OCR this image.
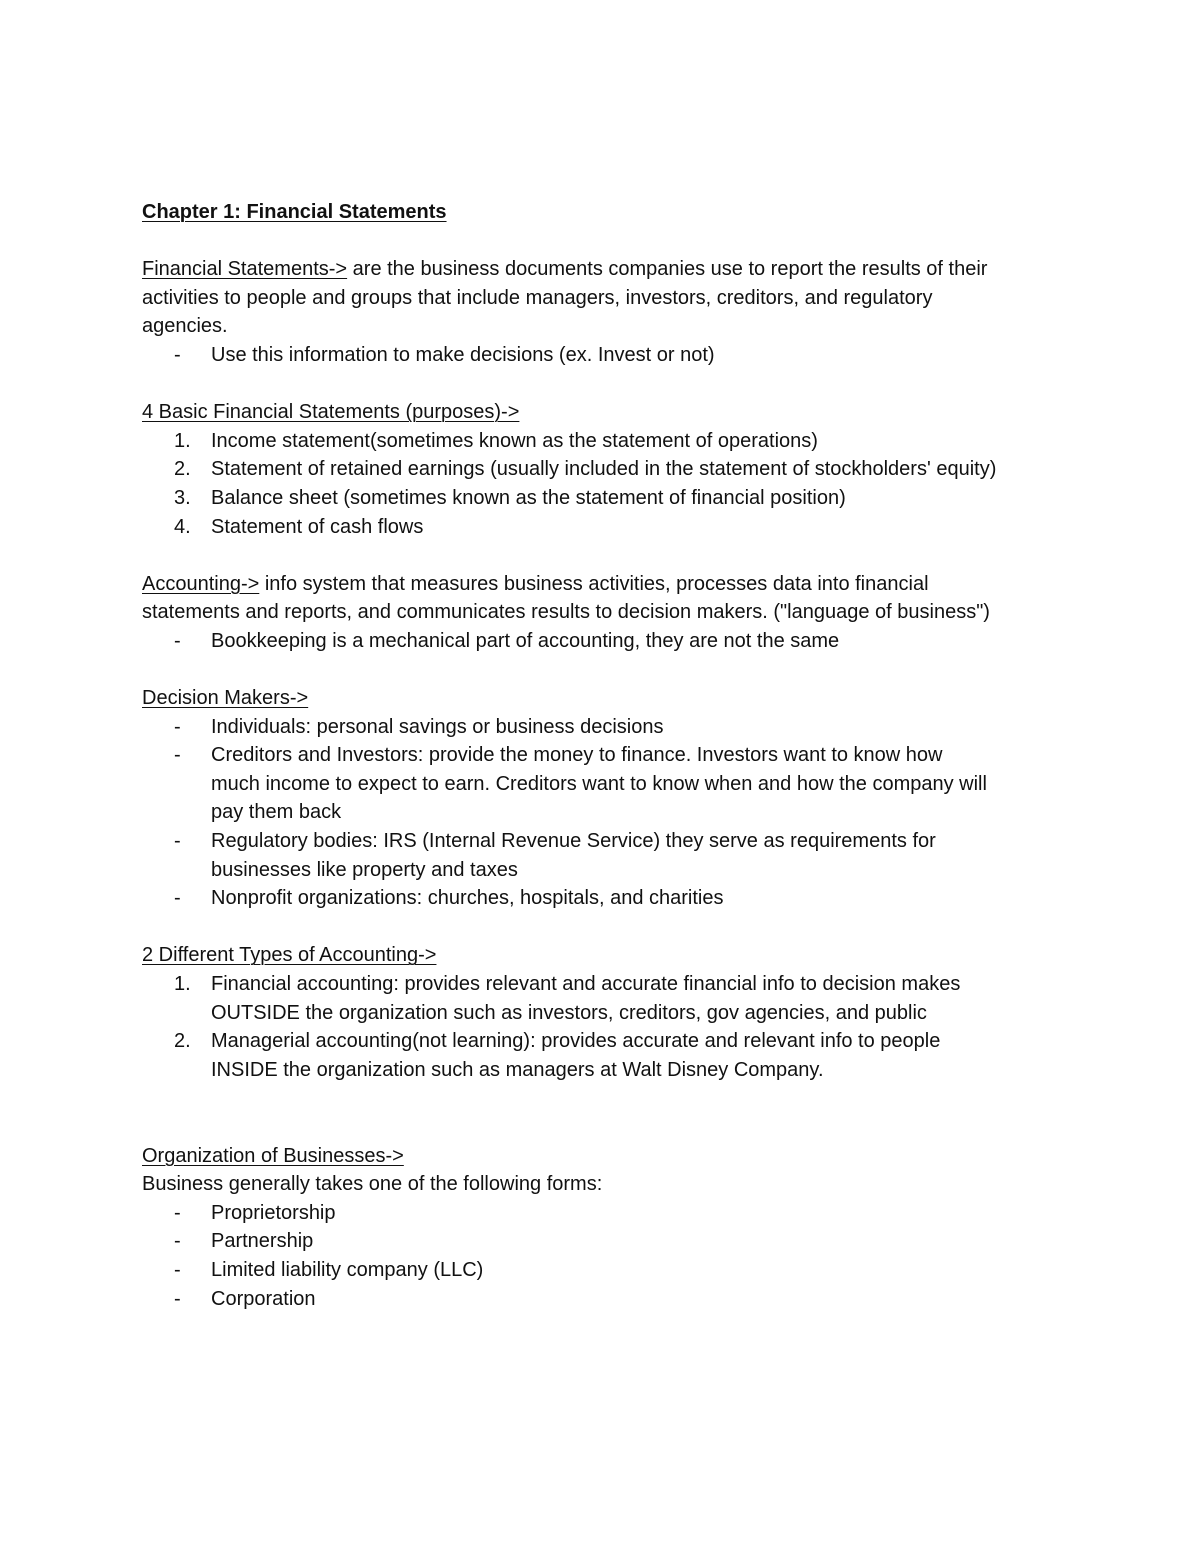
Chapter 1: Financial Statements
Financial Statements-> are the business documents companies use to report the results of their
activities to people and groups that include managers, investors, creditors, and regulatory
agencies.
-	Use this information to make decisions (ex. Invest or not)
4 Basic Financial Statements (purposes)->
1.	Income statement(sometimes known as the statement of operations)
2.	Statement of retained earnings (usually included in the statement of stockholders' equity)
3.	Balance sheet (sometimes known as the statement of financial position)
4.	Statement of cash flows
Accounting-> info system that measures business activities, processes data into financial
statements and reports, and communicates results to decision makers. ("language of business")
-	Bookkeeping is a mechanical part of accounting, they are not the same
Decision Makers->
-	Individuals: personal savings or business decisions
-	Creditors and Investors: provide the money to finance. Investors want to know how
much income to expect to earn. Creditors want to know when and how the company will
pay them back
-	Regulatory bodies: IRS (Internal Revenue Service) they serve as requirements for
businesses like property and taxes
-	Nonprofit organizations: churches, hospitals, and charities
2 Different Types of Accounting->
1.	Financial accounting: provides relevant and accurate financial info to decision makes
OUTSIDE the organization such as investors, creditors, gov agencies, and public
2.	Managerial accounting(not learning): provides accurate and relevant info to people
INSIDE the organization such as managers at Walt Disney Company.
Organization of Businesses->
Business generally takes one of the following forms:
-	Proprietorship
-	Partnership
-	Limited liability company (LLC)
-	Corporation
